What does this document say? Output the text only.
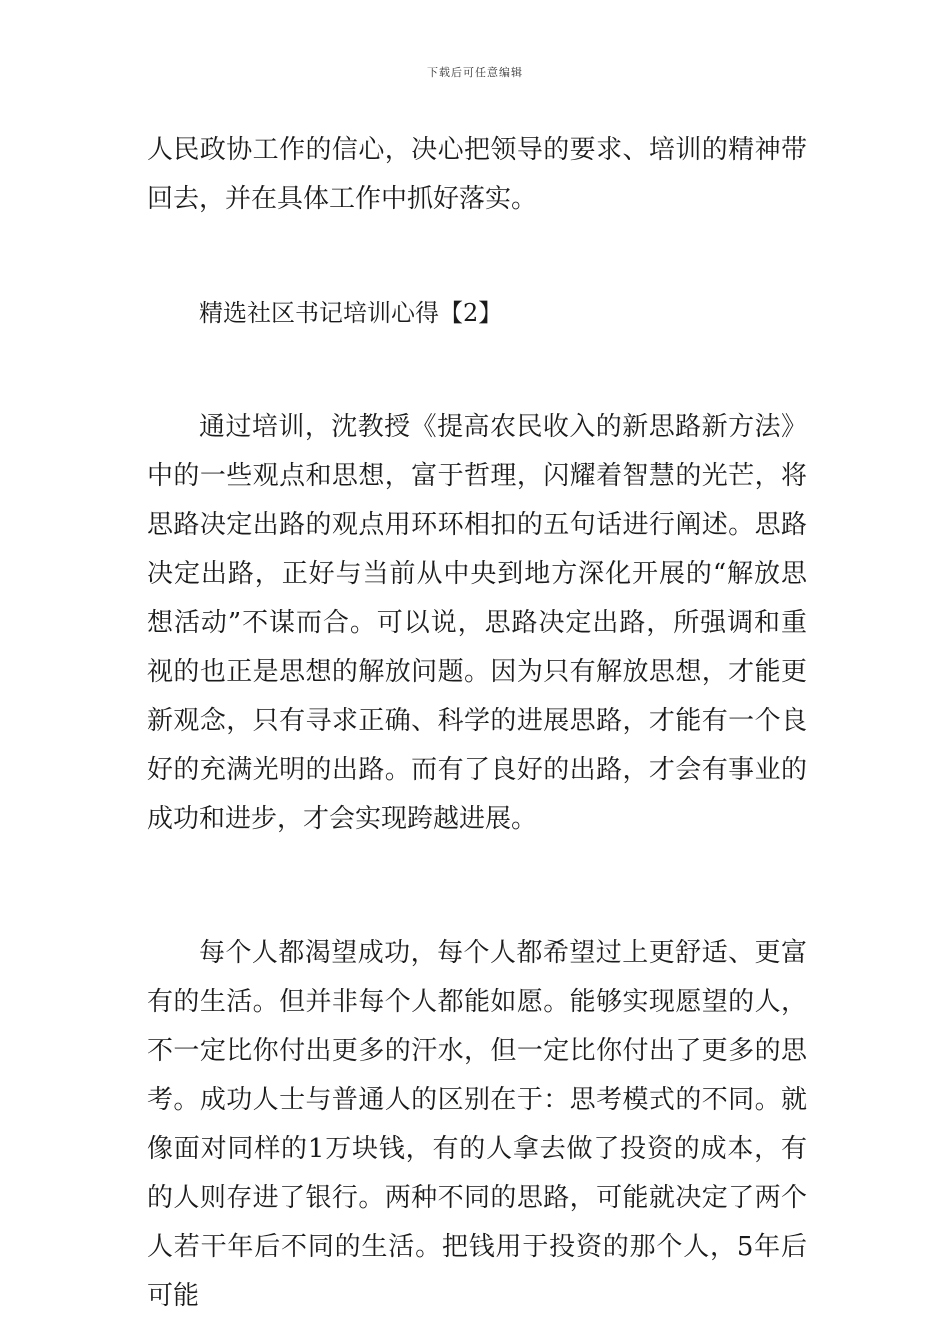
下载后可任意编辑

人民政协工作的信心，决心把领导的要求、培训的精神带回去，并在具体工作中抓好落实。

精选社区书记培训心得【2】

通过培训，沈教授《提高农民收入的新思路新方法》中的一些观点和思想，富于哲理，闪耀着智慧的光芒，将思路决定出路的观点用环环相扣的五句话进行阐述。思路决定出路，正好与当前从中央到地方深化开展的“解放思想活动”不谋而合。可以说，思路决定出路，所强调和重视的也正是思想的解放问题。因为只有解放思想，才能更新观念，只有寻求正确、科学的进展思路，才能有一个良好的充满光明的出路。而有了良好的出路，才会有事业的成功和进步，才会实现跨越进展。

每个人都渴望成功，每个人都希望过上更舒适、更富有的生活。但并非每个人都能如愿。能够实现愿望的人，不一定比你付出更多的汗水，但一定比你付出了更多的思考。成功人士与普通人的区别在于：思考模式的不同。就像面对同样的1万块钱，有的人拿去做了投资的成本，有的人则存进了银行。两种不同的思路，可能就决定了两个人若干年后不同的生活。把钱用于投资的那个人，5年后可能
